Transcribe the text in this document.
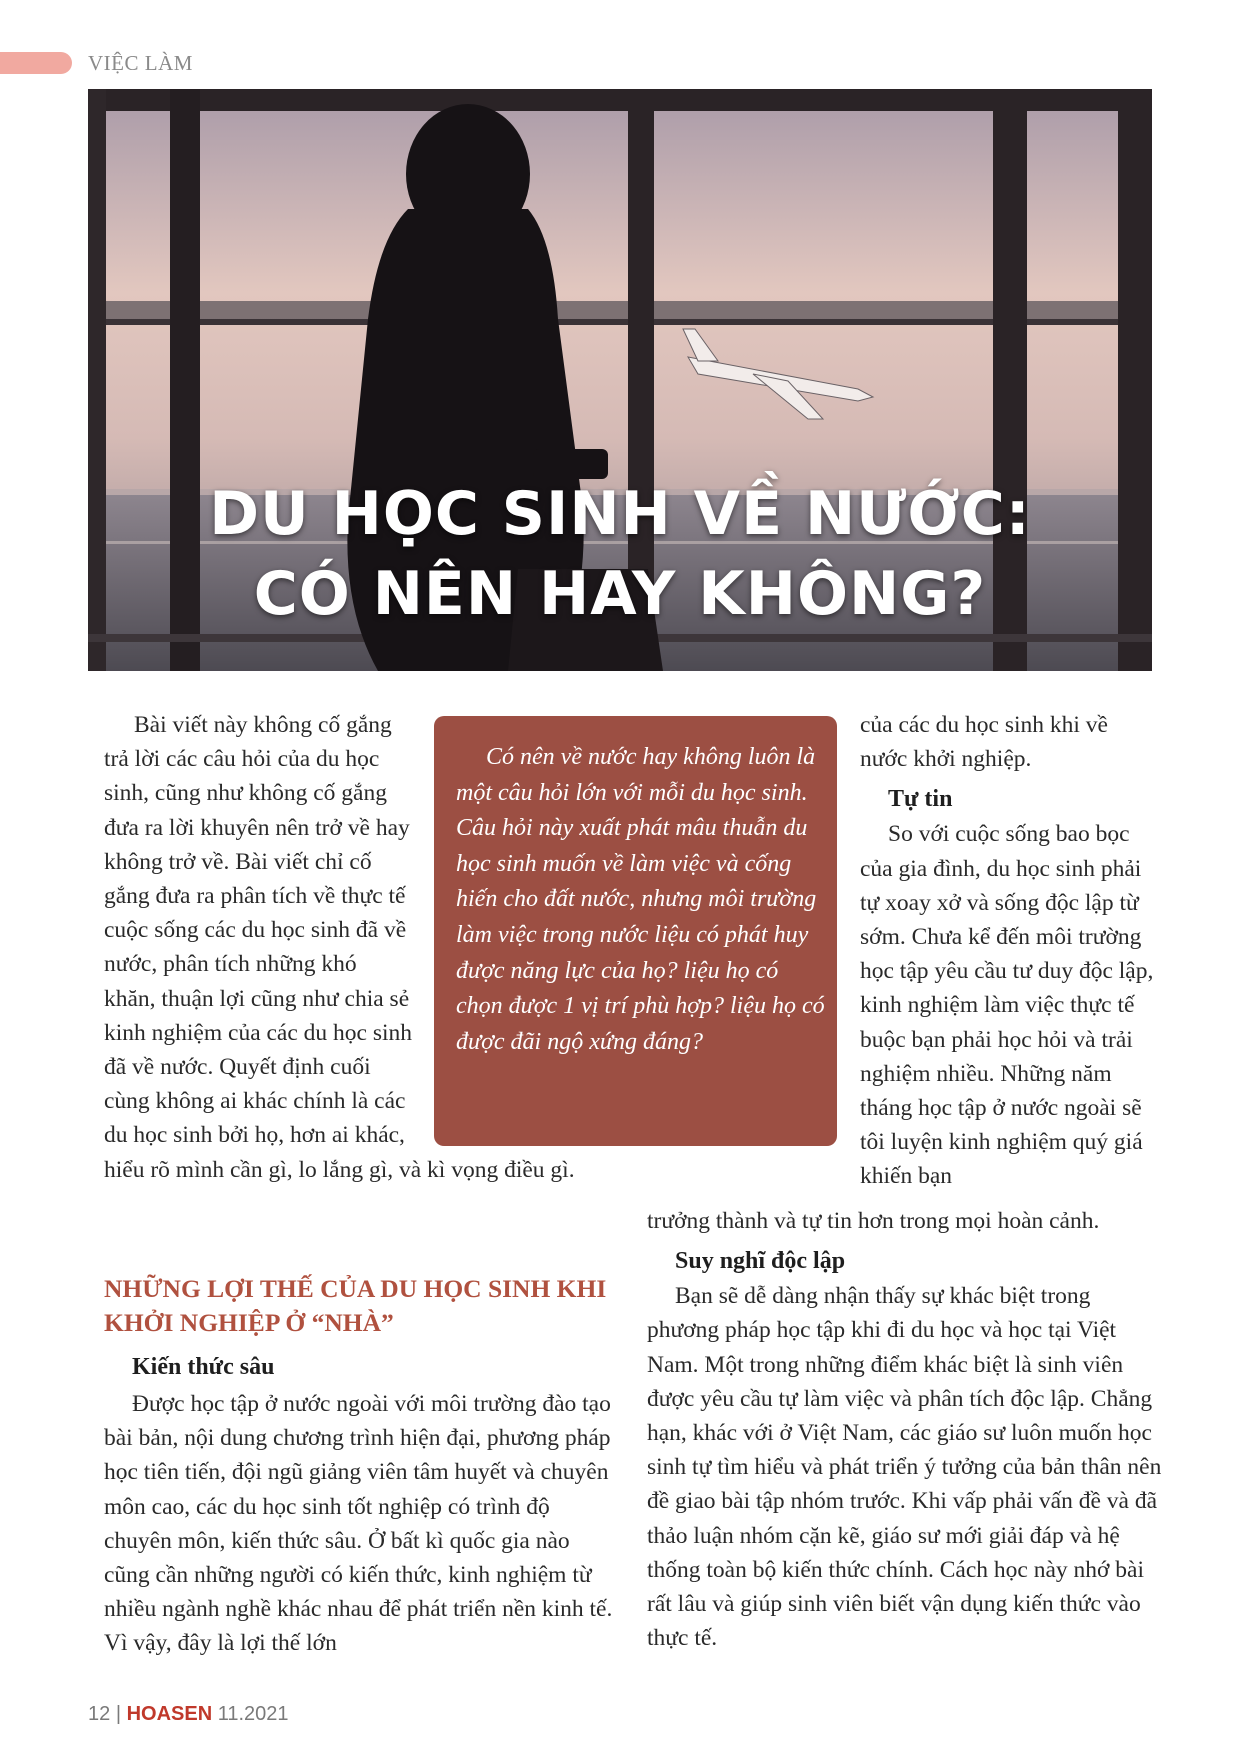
VIỆC LÀM
DU HỌC SINH VỀ NƯỚC:
CÓ NÊN HAY KHÔNG?

Bài viết này không cố gắng trả lời các câu hỏi của du học sinh, cũng như không cố gắng đưa ra lời khuyên nên trở về hay không trở về. Bài viết chỉ cố gắng đưa ra phân tích về thực tế cuộc sống các du học sinh đã về nước, phân tích những khó khăn, thuận lợi cũng như chia sẻ kinh nghiệm của các du học sinh đã về nước. Quyết định cuối cùng không ai khác chính là các du học sinh bởi họ, hơn ai khác,
hiểu rõ mình cần gì, lo lắng gì, và kì vọng điều gì.

Có nên về nước hay không luôn là một câu hỏi lớn với mỗi du học sinh. Câu hỏi này xuất phát mâu thuẫn du học sinh muốn về làm việc và cống hiến cho đất nước, nhưng môi trường làm việc trong nước liệu có phát huy được năng lực của họ? liệu họ có chọn được 1 vị trí phù hợp? liệu họ có được đãi ngộ xứng đáng?

của các du học sinh khi về nước khởi nghiệp.

Tự tin

So với cuộc sống bao bọc của gia đình, du học sinh phải tự xoay xở và sống độc lập từ sớm. Chưa kể đến môi trường học tập yêu cầu tư duy độc lập, kinh nghiệm làm việc thực tế buộc bạn phải học hỏi và trải nghiệm nhiều. Những năm tháng học tập ở nước ngoài sẽ tôi luyện kinh nghiệm quý giá khiến bạn

trưởng thành và tự tin hơn trong mọi hoàn cảnh.

Suy nghĩ độc lập

Bạn sẽ dễ dàng nhận thấy sự khác biệt trong phương pháp học tập khi đi du học và học tại Việt Nam. Một trong những điểm khác biệt là sinh viên được yêu cầu tự làm việc và phân tích độc lập. Chẳng hạn, khác với ở Việt Nam, các giáo sư luôn muốn học sinh tự tìm hiểu và phát triển ý tưởng của bản thân nên đề giao bài tập nhóm trước. Khi vấp phải vấn đề và đã thảo luận nhóm cặn kẽ, giáo sư mới giải đáp và hệ thống toàn bộ kiến thức chính. Cách học này nhớ bài rất lâu và giúp sinh viên biết vận dụng kiến thức vào thực tế.

NHỮNG LỢI THẾ CỦA DU HỌC SINH KHI KHỞI NGHIỆP Ở “NHÀ”

Kiến thức sâu

Được học tập ở nước ngoài với môi trường đào tạo bài bản, nội dung chương trình hiện đại, phương pháp học tiên tiến, đội ngũ giảng viên tâm huyết và chuyên môn cao, các du học sinh tốt nghiệp có trình độ chuyên môn, kiến thức sâu. Ở bất kì quốc gia nào cũng cần những người có kiến thức, kinh nghiệm từ nhiều ngành nghề khác nhau để phát triển nền kinh tế. Vì vậy, đây là lợi thế lớn

12 | HOASEN 11.2021
